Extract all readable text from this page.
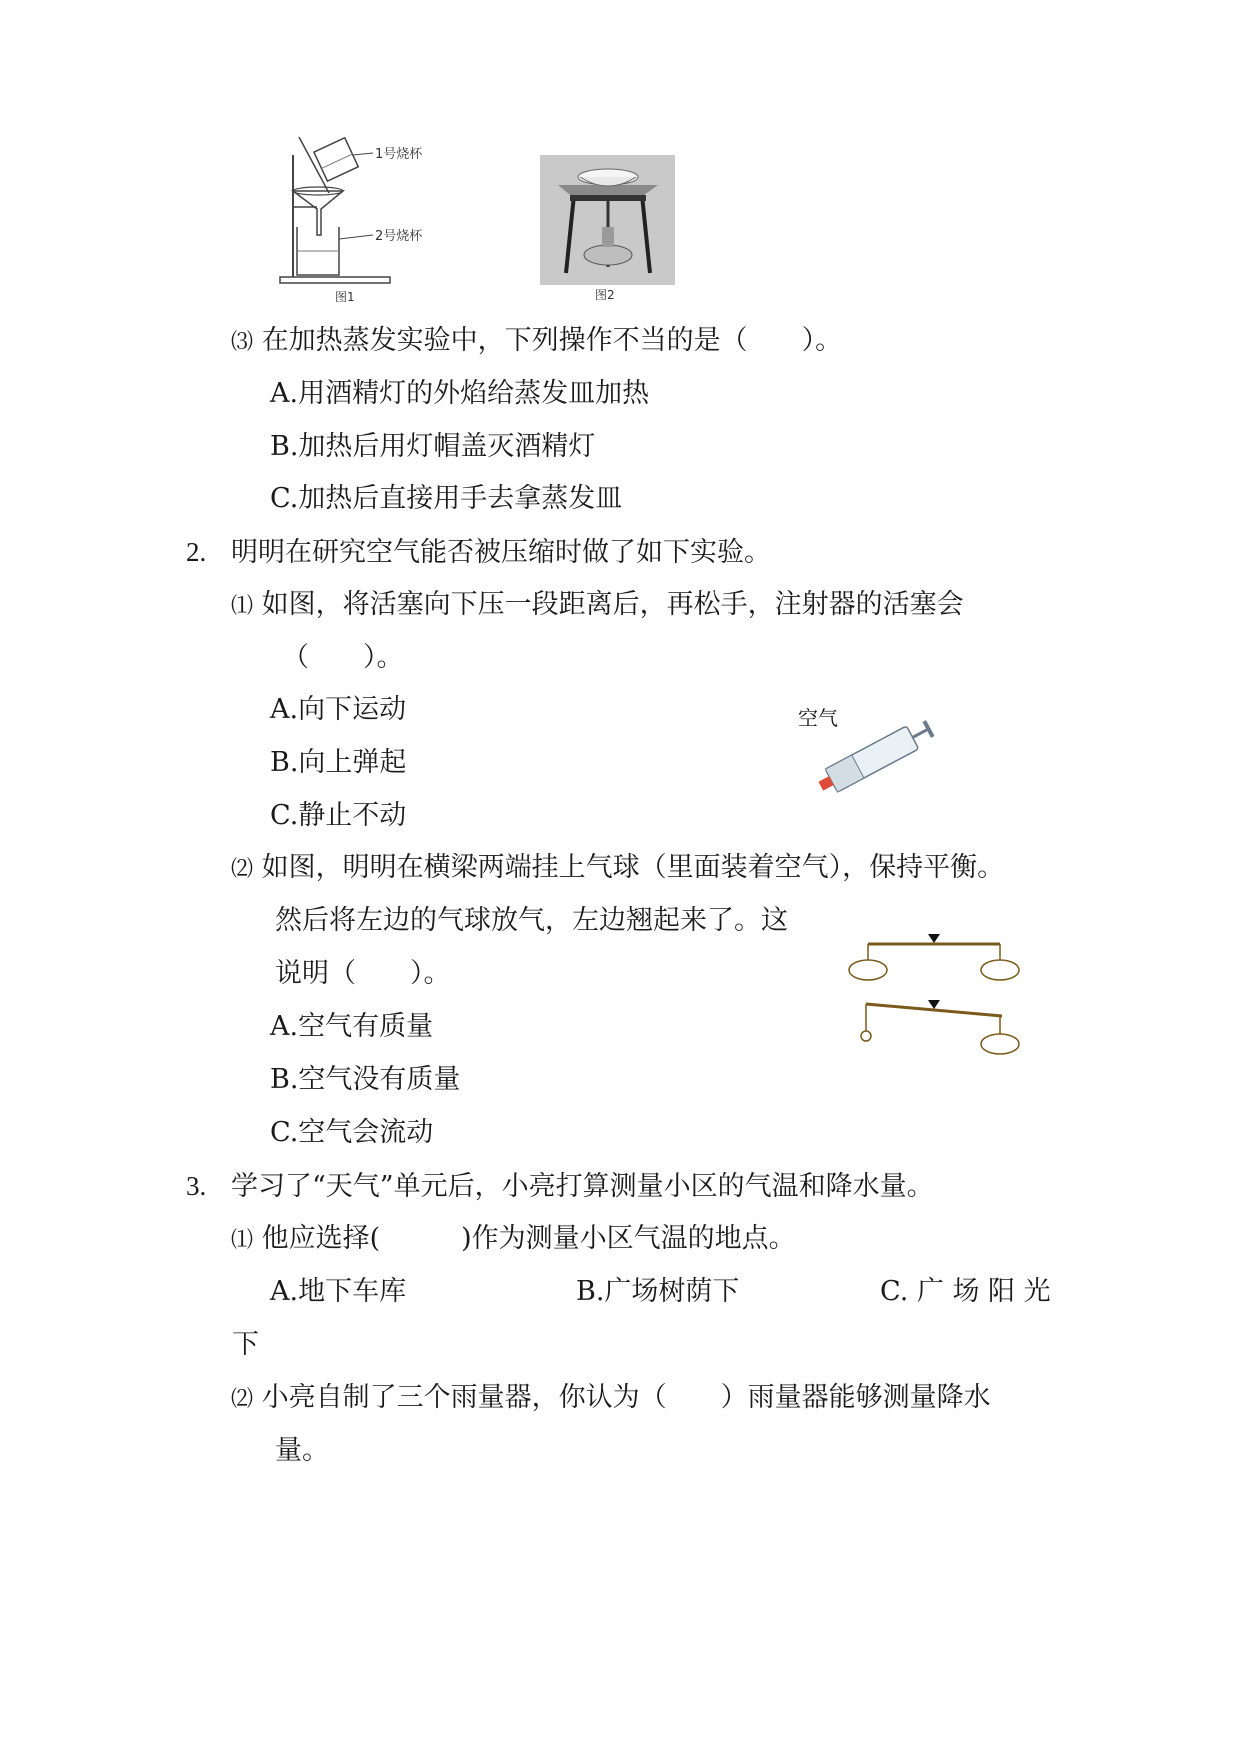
1号烧杯
2号烧杯
图1	图2
⑶ 在加热蒸发实验中，下列操作不当的是（　　）。
A.用酒精灯的外焰给蒸发皿加热
B.加热后用灯帽盖灭酒精灯
C.加热后直接用手去拿蒸发皿
2. 明明在研究空气能否被压缩时做了如下实验。
⑴ 如图，将活塞向下压一段距离后，再松手，注射器的活塞会
（　　）。
A.向下运动
B.向上弹起
C.静止不动
空气
⑵ 如图，明明在横梁两端挂上气球（里面装着空气），保持平衡。
然后将左边的气球放气，左边翘起来了。这
说明（　　）。
A.空气有质量
B.空气没有质量
C.空气会流动
3. 学习了“天气”单元后，小亮打算测量小区的气温和降水量。
⑴ 他应选择(　　　)作为测量小区气温的地点。
A.地下车库	B.广场树荫下	C. 广 场 阳 光
下
⑵ 小亮自制了三个雨量器，你认为（　　）雨量器能够测量降水
量。
